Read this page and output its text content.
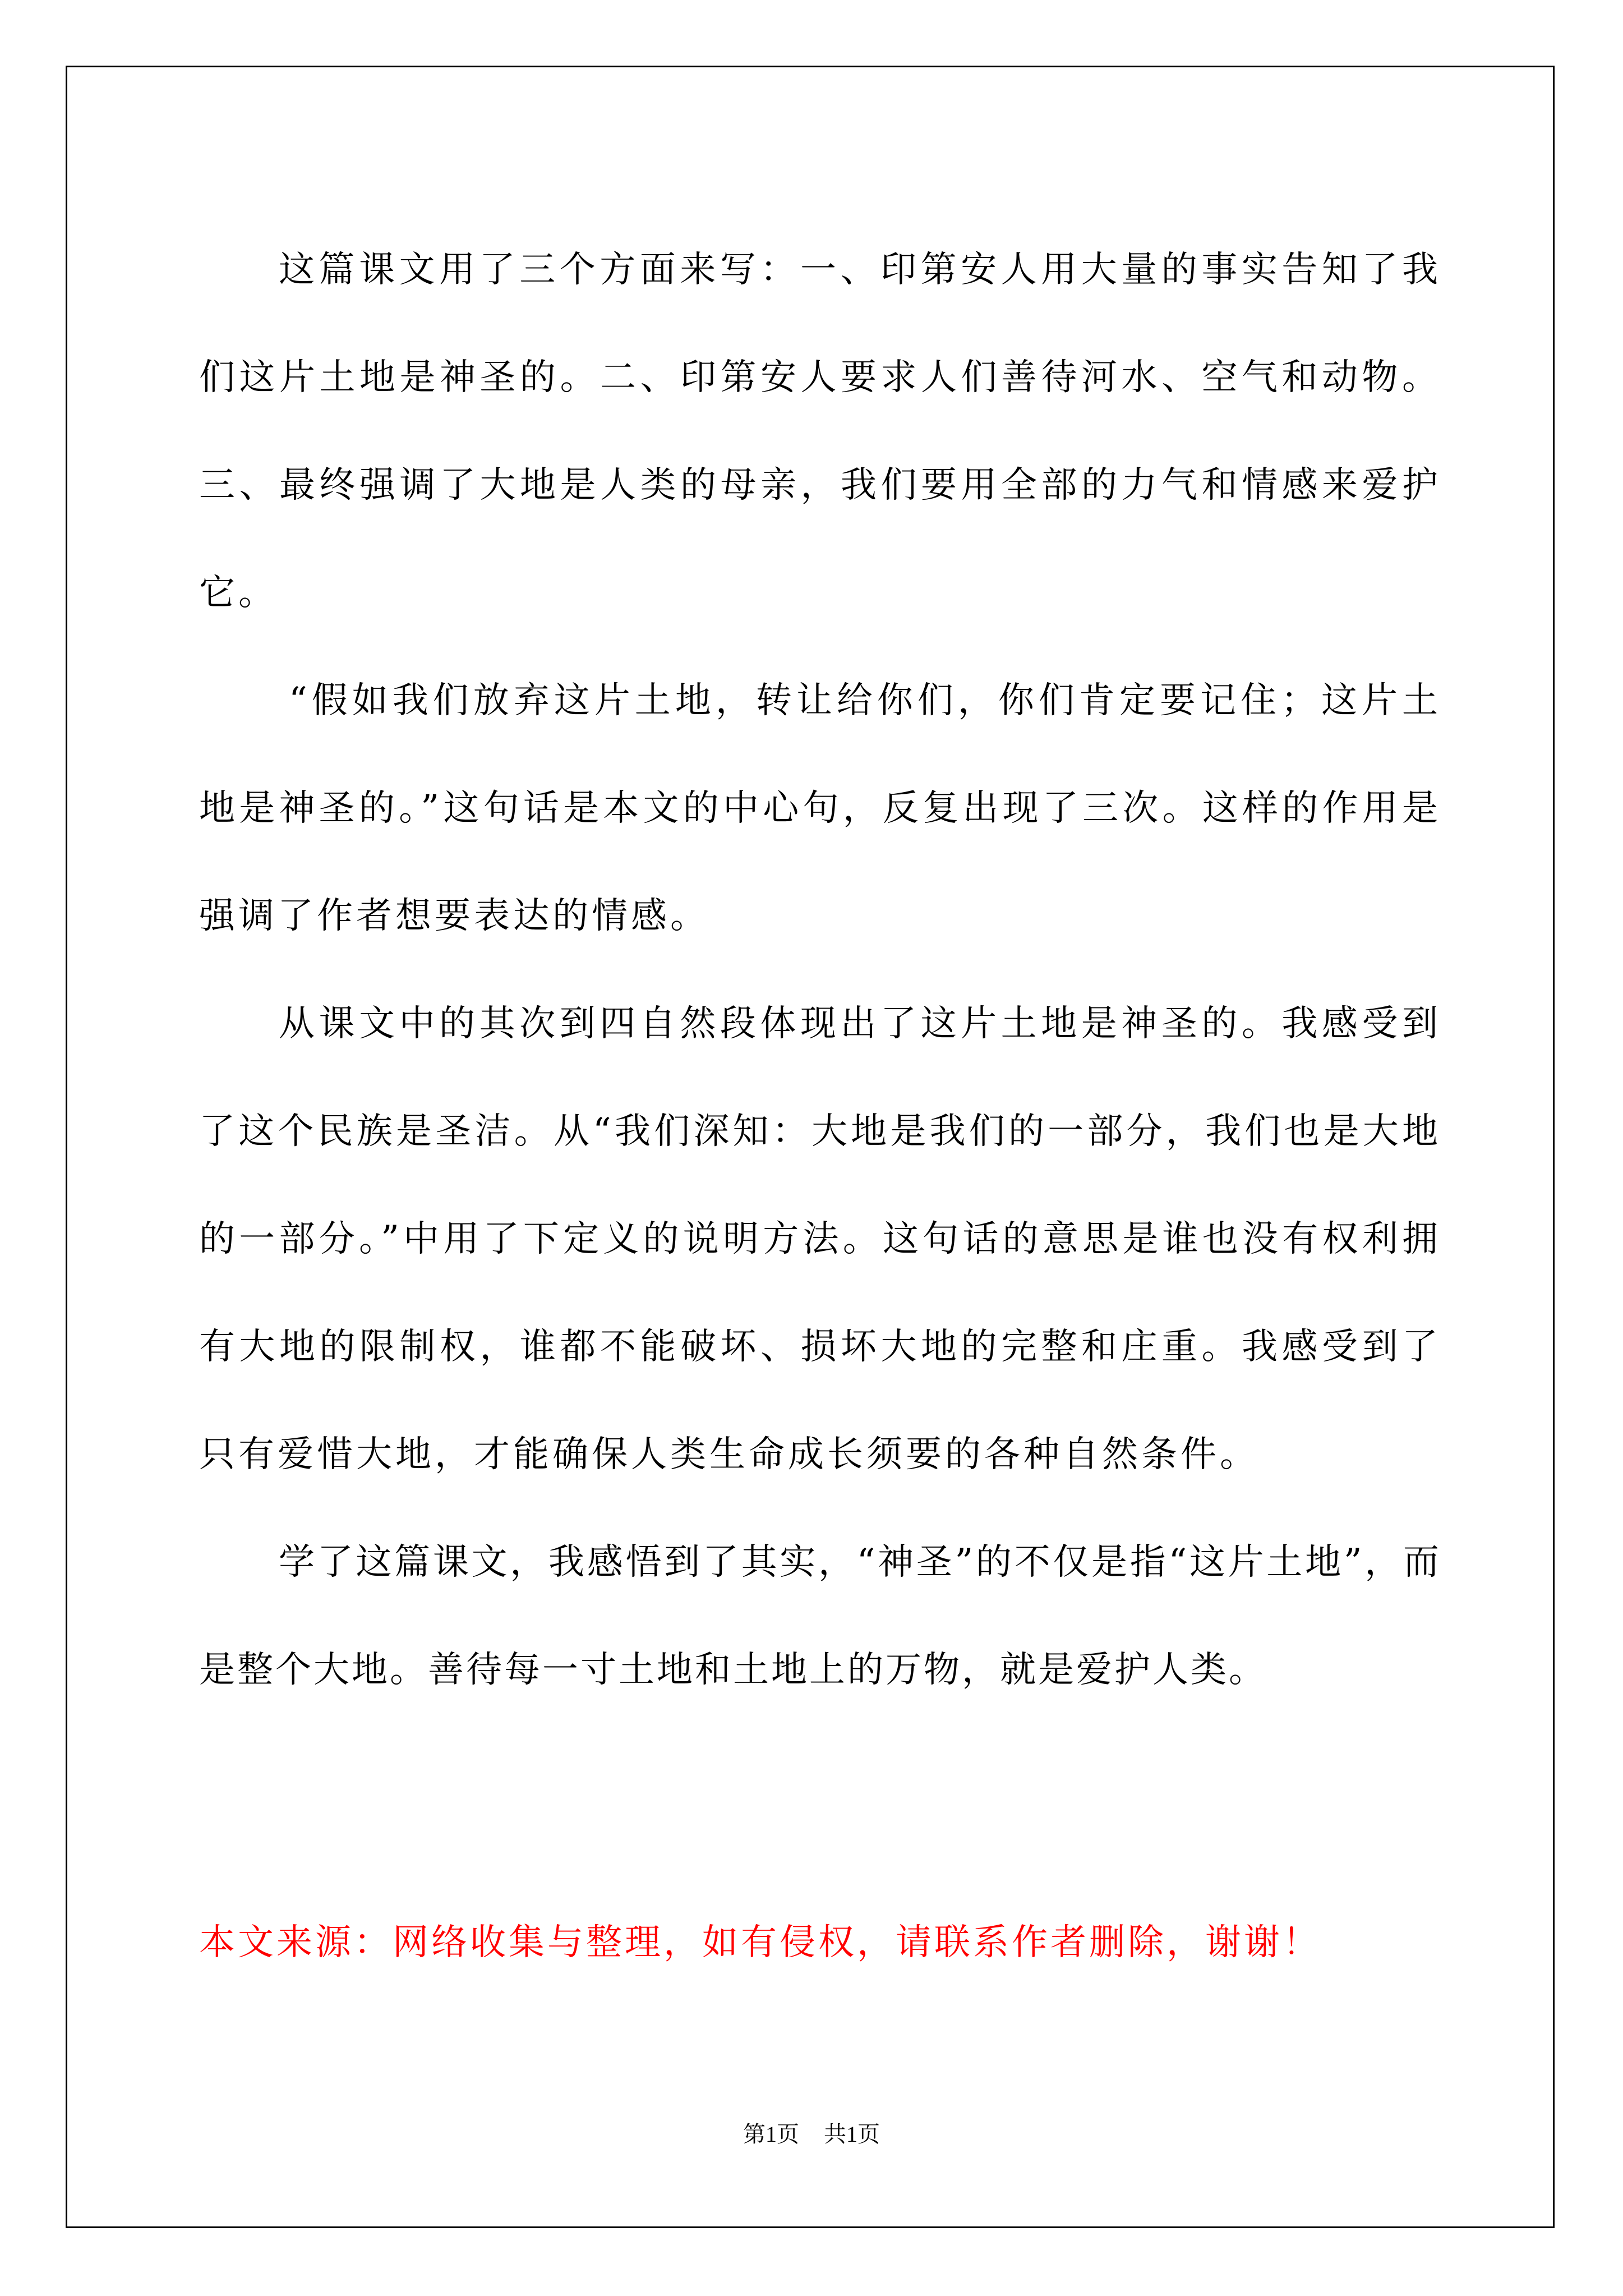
这篇课文用了三个方面来写：一、印第安人用大量的事实告知了我们这片土地是神圣的。二、印第安人要求人们善待河水、空气和动物。三、最终强调了大地是人类的母亲，我们要用全部的力气和情感来爱护它。

“假如我们放弃这片土地，转让给你们，你们肯定要记住；这片土地是神圣的。”这句话是本文的中心句，反复出现了三次。这样的作用是强调了作者想要表达的情感。

从课文中的其次到四自然段体现出了这片土地是神圣的。我感受到了这个民族是圣洁。从“我们深知：大地是我们的一部分，我们也是大地的一部分。”中用了下定义的说明方法。这句话的意思是谁也没有权利拥有大地的限制权，谁都不能破坏、损坏大地的完整和庄重。我感受到了只有爱惜大地，才能确保人类生命成长须要的各种自然条件。

学了这篇课文，我感悟到了其实，“神圣”的不仅是指“这片土地”，而是整个大地。善待每一寸土地和土地上的万物，就是爱护人类。

本文来源：网络收集与整理，如有侵权，请联系作者删除，谢谢！
第1页 共1页
